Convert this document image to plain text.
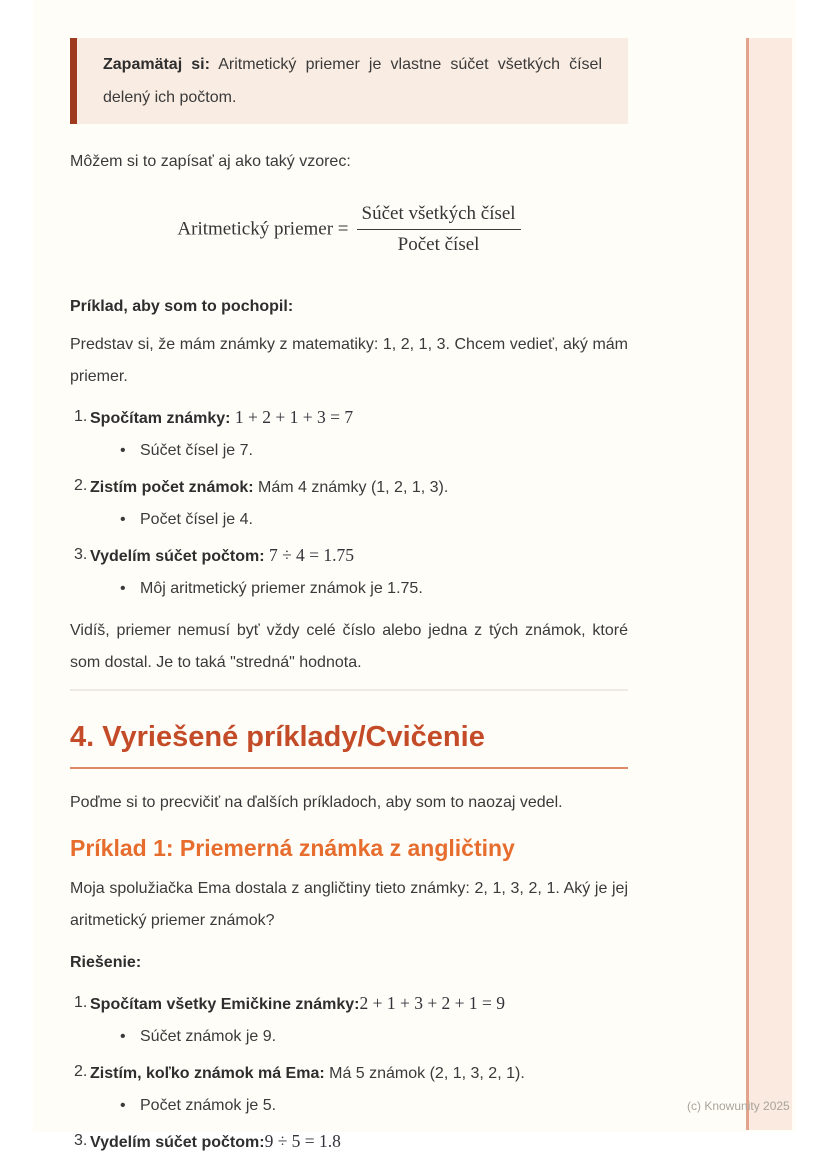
Zapamätaj si: Aritmetický priemer je vlastne súčet všetkých čísel delený ich počtom.

Môžem si to zapísať aj ako taký vzorec:

Aritmetický priemer = $\frac{\text{Súčet všetkých čísel}}{\text{Počet čísel}}$

Príklad, aby som to pochopil:

Predstav si, že mám známky z matematiky: 1, 2, 1, 3. Chcem vedieť, aký mám priemer.

1. Spočítam známky: 1 + 2 + 1 + 3 = 7

• Súčet čísel je 7.

2. Zistím počet známok: Mám 4 známky (1, 2, 1, 3).

• Počet čísel je 4.

3. Vydelím súčet počtom: 7 ÷ 4 = 1.75

• Môj aritmetický priemer známok je 1.75.

Vidíš, priemer nemusí byť vždy celé číslo alebo jedna z tých známok, ktoré som dostal. Je to taká "stredná" hodnota.

4. Vyriešené príklady/Cvičenie

Poďme si to precvičiť na ďalších príkladoch, aby som to naozaj vedel.

Príklad 1: Priemerná známka z angličtiny

Moja spolužiačka Ema dostala z angličtiny tieto známky: 2, 1, 3, 2, 1. Aký je jej aritmetický priemer známok?

Riešenie:

1. Spočítam všetky Emičkine známky:2 + 1 + 3 + 2 + 1 = 9

• Súčet známok je 9.

2. Zistím, koľko známok má Ema: Má 5 známok (2, 1, 3, 2, 1).

• Počet známok je 5.

3. Vydelím súčet počtom:9 ÷ 5 = 1.8

(c) Knowunity 2025
